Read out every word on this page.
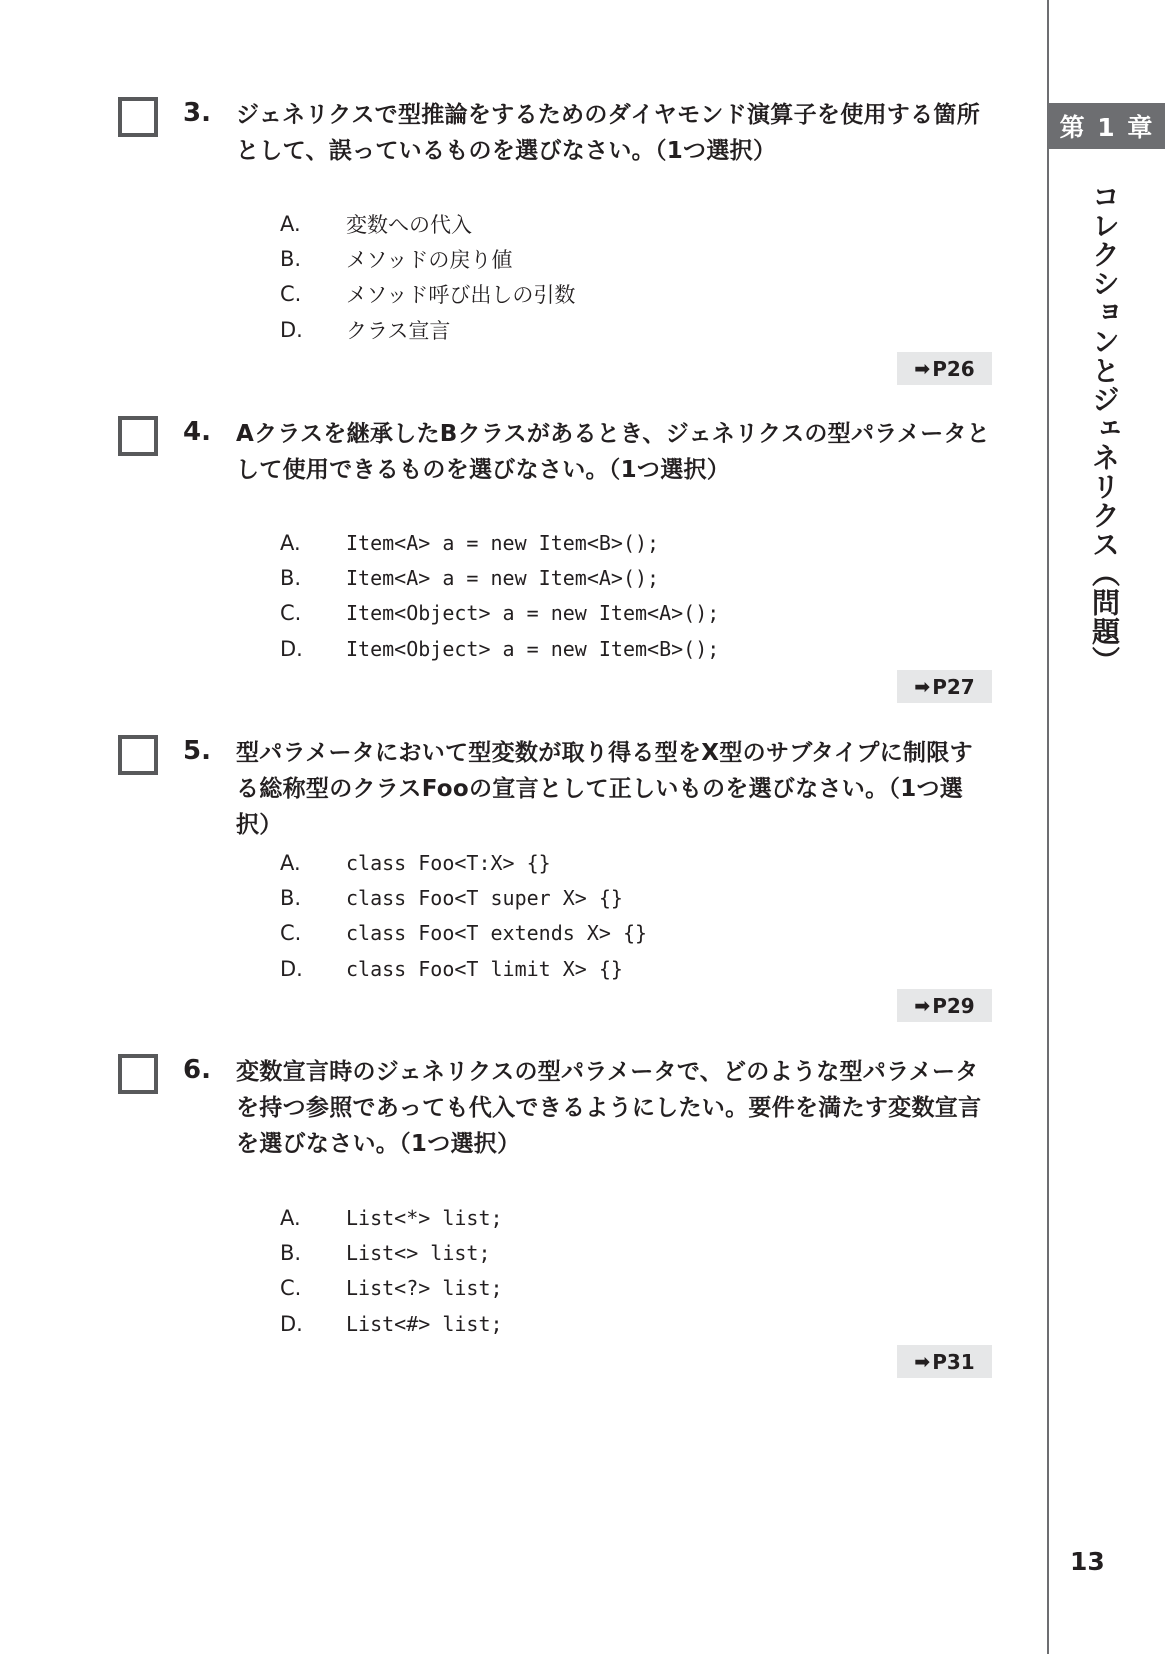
第 1 章
コレクションとジェネリクス（問題）
13
3. ジェネリクスで型推論をするためのダイヤモンド演算子を使用する箇所として、誤っているものを選びなさい。（1つ選択）
A.	変数への代入
B.	メソッドの戻り値
C.	メソッド呼び出しの引数
D.	クラス宣言
➡ P26
4. Aクラスを継承したBクラスがあるとき、ジェネリクスの型パラメータとして使用できるものを選びなさい。（1つ選択）
A.	Item<A> a = new Item<B>();
B.	Item<A> a = new Item<A>();
C.	Item<Object> a = new Item<A>();
D.	Item<Object> a = new Item<B>();
➡ P27
5. 型パラメータにおいて型変数が取り得る型をX型のサブタイプに制限する総称型のクラスFooの宣言として正しいものを選びなさい。（1つ選択）
A.	class Foo<T:X> {}
B.	class Foo<T super X> {}
C.	class Foo<T extends X> {}
D.	class Foo<T limit X> {}
➡ P29
6. 変数宣言時のジェネリクスの型パラメータで、どのような型パラメータを持つ参照であっても代入できるようにしたい。要件を満たす変数宣言を選びなさい。（1つ選択）
A.	List<*> list;
B.	List<> list;
C.	List<?> list;
D.	List<#> list;
➡ P31
